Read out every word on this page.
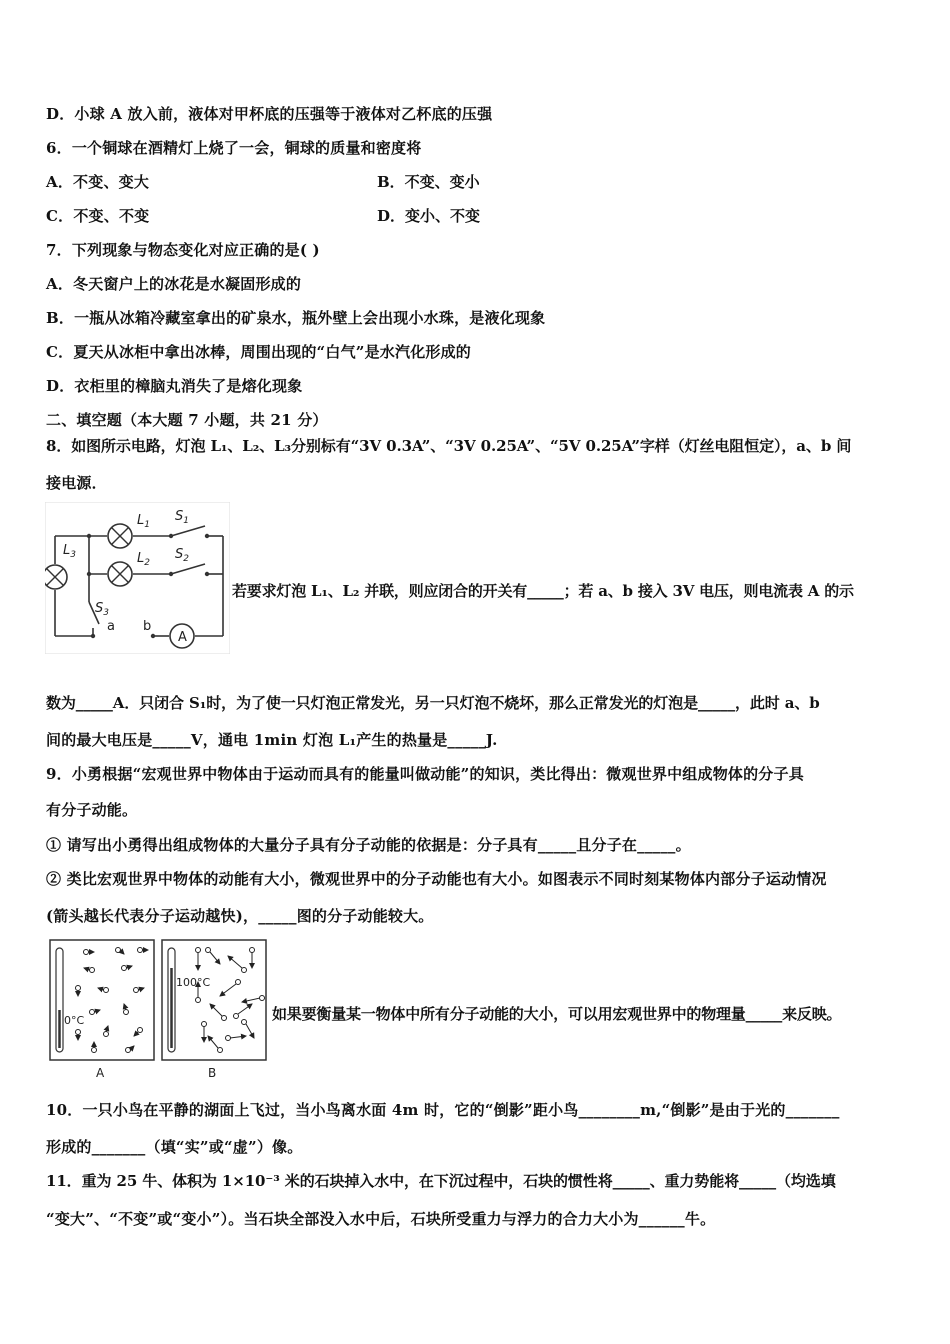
D．小球 A 放入前，液体对甲杯底的压强等于液体对乙杯底的压强
6．一个铜球在酒精灯上烧了一会，铜球的质量和密度将
A．不变、变大	B．不变、变小
C．不变、不变	D．变小、不变
7．下列现象与物态变化对应正确的是( )
A．冬天窗户上的冰花是水凝固形成的
B．一瓶从冰箱冷藏室拿出的矿泉水，瓶外壁上会出现小水珠，是液化现象
C．夏天从冰柜中拿出冰棒，周围出现的“白气”是水汽化形成的
D．衣柜里的樟脑丸消失了是熔化现象
二、填空题（本大题 7 小题，共 21 分）
8．如图所示电路，灯泡 L₁、L₂、L₃分别标有“3V 0.3A”、“3V 0.25A”、“5V 0.25A”字样（灯丝电阻恒定），a、b 间
接电源．
A
$L_1$
$S_1$
$L_2$
$S_2$
$L_3$
$S_3$
a b
若要求灯泡 L₁、L₂ 并联，则应闭合的开关有_____；若 a、b 接入 3V 电压，则电流表 A 的示
数为_____A．只闭合 S₁时，为了使一只灯泡正常发光，另一只灯泡不烧坏，那么正常发光的灯泡是_____，此时 a、b
间的最大电压是_____V，通电 1min 灯泡 L₁产生的热量是_____J.
9．小勇根据“宏观世界中物体由于运动而具有的能量叫做动能”的知识，类比得出：微观世界中组成物体的分子具
有分子动能。
① 请写出小勇得出组成物体的大量分子具有分子动能的依据是：分子具有_____且分子在_____。
② 类比宏观世界中物体的动能有大小，微观世界中的分子动能也有大小。如图表示不同时刻某物体内部分子运动情况
(箭头越长代表分子运动越快)，_____图的分子动能较大。
0°C
A
100°C
B
如果要衡量某一物体中所有分子动能的大小，可以用宏观世界中的物理量_____来反映。
10．一只小鸟在平静的湖面上飞过，当小鸟离水面 4m 时，它的“倒影”距小鸟________m,“倒影”是由于光的_______
形成的_______（填“实”或“虚”）像。
11．重为 25 牛、体积为 1×10⁻³ 米的石块掉入水中，在下沉过程中，石块的惯性将_____、重力势能将_____（均选填
“变大”、“不变”或“变小”）。当石块全部没入水中后，石块所受重力与浮力的合力大小为______牛。
